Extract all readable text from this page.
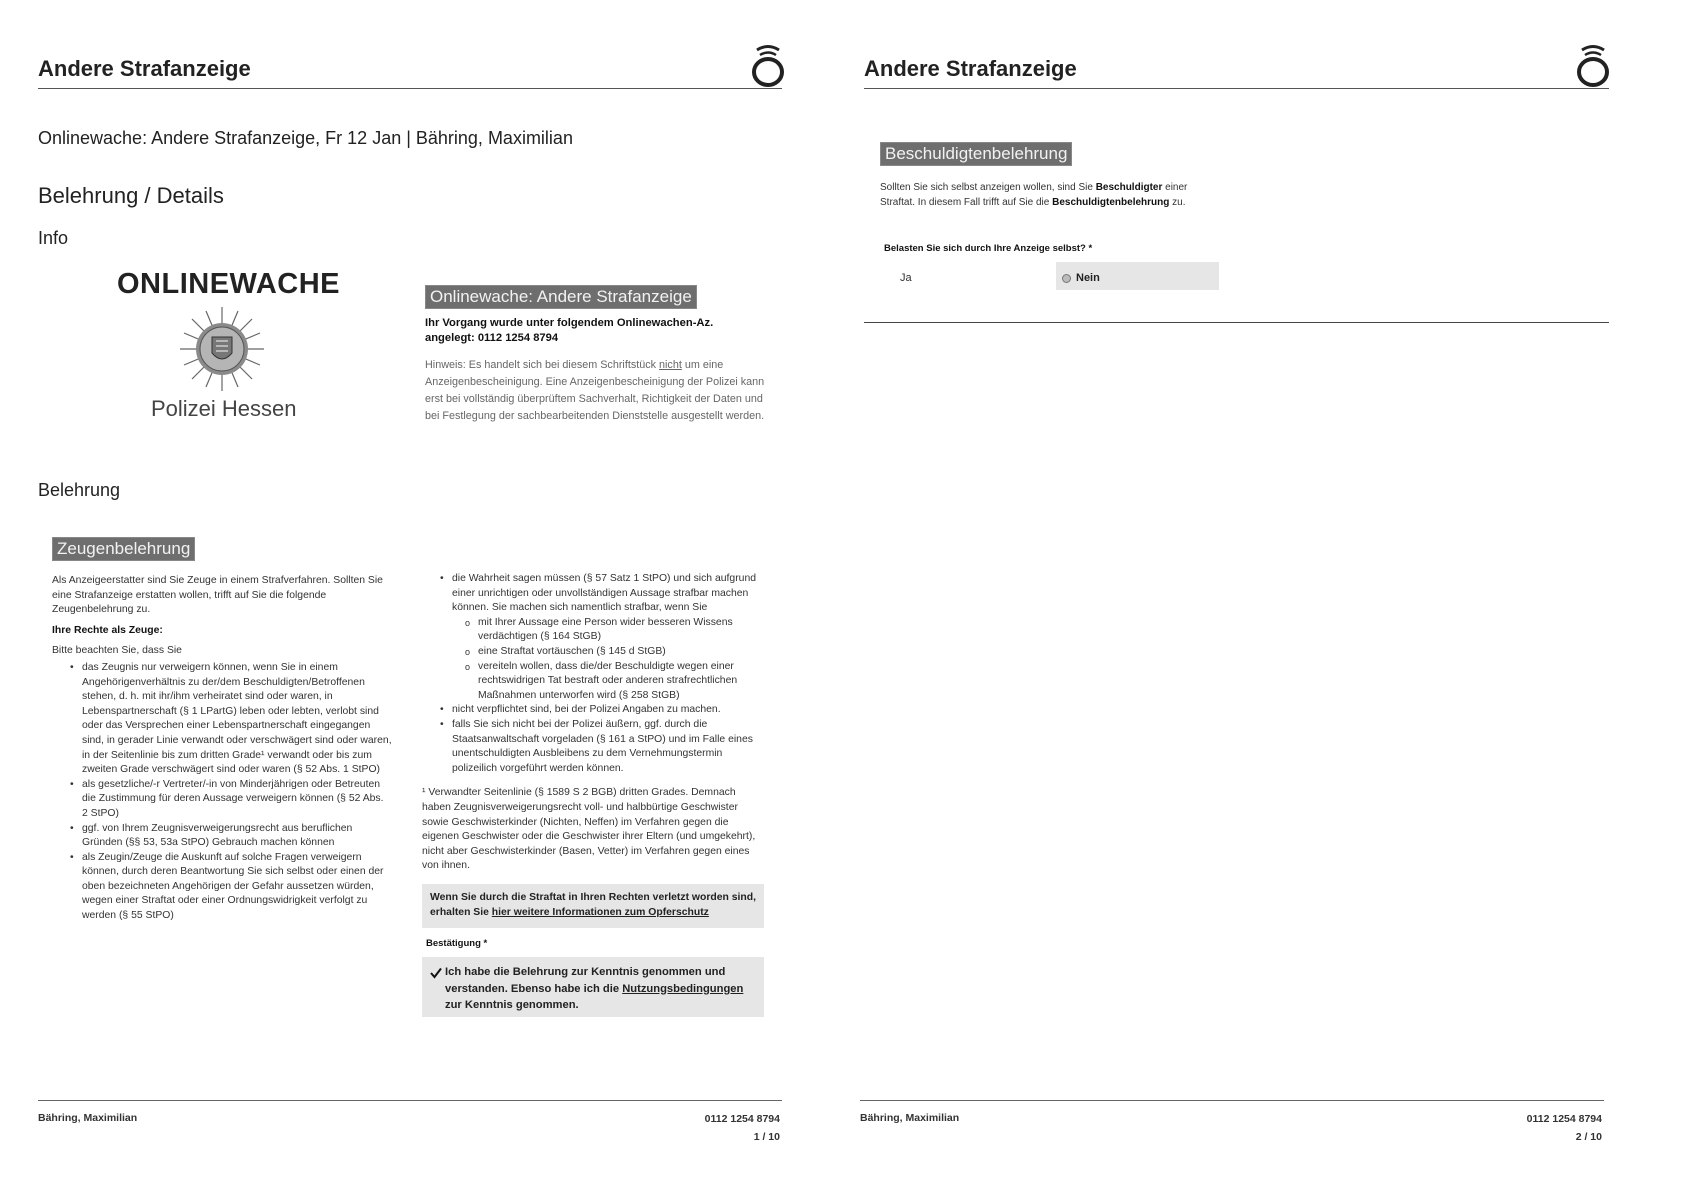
Andere Strafanzeige
Onlinewache: Andere Strafanzeige, Fr 12 Jan | Bähring, Maximilian
Belehrung / Details
Info
ONLINEWACHE
Polizei Hessen
Onlinewache: Andere Strafanzeige
Ihr Vorgang wurde unter folgendem Onlinewachen-Az.
angelegt: 0112 1254 8794
Hinweis: Es handelt sich bei diesem Schriftstück nicht um eine Anzeigenbescheinigung. Eine Anzeigenbescheinigung der Polizei kann erst bei vollständig überprüftem Sachverhalt, Richtigkeit der Daten und bei Festlegung der sachbearbeitenden Dienststelle ausgestellt werden.
Belehrung
Zeugenbelehrung
Als Anzeigeerstatter sind Sie Zeuge in einem Strafverfahren. Sollten Sie eine Strafanzeige erstatten wollen, trifft auf Sie die folgende Zeugenbelehrung zu.
Ihre Rechte als Zeuge:
Bitte beachten Sie, dass Sie
• das Zeugnis nur verweigern können, wenn Sie in einem Angehörigenverhältnis zu der/dem Beschuldigten/Betroffenen stehen, d. h. mit ihr/ihm verheiratet sind oder waren, in Lebenspartnerschaft (§ 1 LPartG) leben oder lebten, verlobt sind oder das Versprechen einer Lebenspartnerschaft eingegangen sind, in gerader Linie verwandt oder verschwägert sind oder waren, in der Seitenlinie bis zum dritten Grade¹ verwandt oder bis zum zweiten Grade verschwägert sind oder waren (§ 52 Abs. 1 StPO)
• als gesetzliche/-r Vertreter/-in von Minderjährigen oder Betreuten die Zustimmung für deren Aussage verweigern können (§ 52 Abs. 2 StPO)
• ggf. von Ihrem Zeugnisverweigerungsrecht aus beruflichen Gründen (§§ 53, 53a StPO) Gebrauch machen können
• als Zeugin/Zeuge die Auskunft auf solche Fragen verweigern können, durch deren Beantwortung Sie sich selbst oder einen der oben bezeichneten Angehörigen der Gefahr aussetzen würden, wegen einer Straftat oder einer Ordnungswidrigkeit verfolgt zu werden (§ 55 StPO)
• die Wahrheit sagen müssen (§ 57 Satz 1 StPO) und sich aufgrund einer unrichtigen oder unvollständigen Aussage strafbar machen können. Sie machen sich namentlich strafbar, wenn Sie
o mit Ihrer Aussage eine Person wider besseren Wissens verdächtigen (§ 164 StGB)
o eine Straftat vortäuschen (§ 145 d StGB)
o vereiteln wollen, dass die/der Beschuldigte wegen einer rechtswidrigen Tat bestraft oder anderen strafrechtlichen Maßnahmen unterworfen wird (§ 258 StGB)
• nicht verpflichtet sind, bei der Polizei Angaben zu machen.
• falls Sie sich nicht bei der Polizei äußern, ggf. durch die Staatsanwaltschaft vorgeladen (§ 161 a StPO) und im Falle eines unentschuldigten Ausbleibens zu dem Vernehmungstermin polizeilich vorgeführt werden können.
¹ Verwandter Seitenlinie (§ 1589 S 2 BGB) dritten Grades. Demnach haben Zeugnisverweigerungsrecht voll- und halbbürtige Geschwister sowie Geschwisterkinder (Nichten, Neffen) im Verfahren gegen die eigenen Geschwister oder die Geschwister ihrer Eltern (und umgekehrt), nicht aber Geschwisterkinder (Basen, Vetter) im Verfahren gegen eines von ihnen.
Wenn Sie durch die Straftat in Ihren Rechten verletzt worden sind, erhalten Sie hier weitere Informationen zum Opferschutz
Bestätigung *
Ich habe die Belehrung zur Kenntnis genommen und verstanden. Ebenso habe ich die Nutzungsbedingungen zur Kenntnis genommen.
Bähring, Maximilian	0112 1254 8794
1 / 10
Andere Strafanzeige
Beschuldigtenbelehrung
Sollten Sie sich selbst anzeigen wollen, sind Sie Beschuldigter einer Straftat. In diesem Fall trifft auf Sie die Beschuldigtenbelehrung zu.
Belasten Sie sich durch Ihre Anzeige selbst? *
Ja	Nein
Bähring, Maximilian	0112 1254 8794
2 / 10
